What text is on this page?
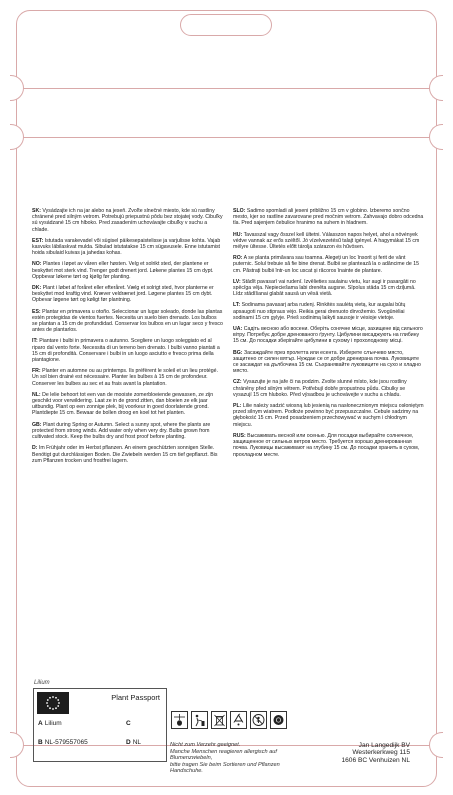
SK: Vysádzajte ich na jar alebo na jeseň. Zvoľte slnečné miesto, kde sú rastliny chránené pred silným vetrom. Potrebujú priepustnú pôdu bez stojatej vody. Cibuľky sú vysádzané 15 cm hlboko. Pred zasadením uchovávajte cibuľky v suchu a chlade.

EST: Istutada varakevadel või sügisel päikesepaistelisse ja varjulisse kohta. Vajab kasvuks läbilaskvat mulda. Sibulad istutatakse 15 cm sügavusele. Enne istutamist hoida sibulaid kuivas ja jahedas kohas.

NO: Plantes i løpet av våren eller høsten. Velg et solrikt sted, der plantene er beskyttet mot sterk vind. Trenger godt drenert jord. Løkene plantes 15 cm dypt. Oppbevar løkene tørt og kjølig før planting.

DK: Plant i løbet af foråret eller efteråret. Vælg et solrigt sted, hvor planterne er beskyttet mod kraftig vind. Kræver veldrænet jord. Løgene plantes 15 cm dybt. Opbevar løgene tørt og køligt før plantning.

ES: Plantar en primavera u otoño. Seleccionar un lugar soleado, donde las plantas estén protegidas de vientos fuertes. Necesita un suelo bien drenado. Los bulbos se plantan a 15 cm de profundidad. Conservar los bulbos en un lugar seco y fresco antes de plantarlos.

IT: Piantare i bulbi in primavera o autunno. Scegliere un luogo soleggiato ed al riparo dal vento forte. Necessita di un terreno ben drenato. I bulbi vanno piantati a 15 cm di profondità. Conservare i bulbi in un luogo asciutto e fresco prima della piantagione.

FR: Planter en automne ou au printemps. Ils préfèrent le soleil et un lieu protégé. Un sol bien drainé est nécessaire. Planter les bulbes à 15 cm de profondeur. Conserver les bulbes au sec et au frais avant la plantation.

NL: De lelie behoort tot een van de mooiste zomerbloeiende gewassen, ze zijn geschikt voor verwildering. Laat ze in de grond zitten, dan bloeien ze elk jaar uitbundig. Plant op een zonnige plek, bij voorkeur in goed doorlatende grond. Plantdiepte 15 cm. Bewaar de bollen droog en koel tot het planten.

GB: Plant during Spring or Autumn. Select a sunny spot, where the plants are protected from strong winds. Add water only when very dry. Bulbs grown from cultivated stock. Keep the bulbs dry and frost proof before planting.

D: Im Frühjahr oder im Herbst pflanzen. An einem geschützten sonnigen Stelle. Benötigt gut durchlässigen Boden. Die Zwiebeln werden 15 cm tief gepflanzt. Bis zum Pflanzen trocken und frostfrei lagern.

SLO: Sadimo spomladi ali jeseni približno 15 cm v globino. Izberemo sončno mesto, kjer so rastline zavarovane pred močnim vetrom. Zahvavajo dobro odcedna tla. Pred sajenjem čebulice hranimo na suhem in hladnem.

HU: Tavasszal vagy ősszel kell ültetni. Válasszon napos helyet, ahol a növények védve vannak az erős széltől. Jó vízelvezetésű talajt igényel. A hagymákat 15 cm mélyre ültesse. Ültetés előtt tárolja szárazon és hűvösen.

RO: A se planta primăvara sau toamna. Alegeți un loc însorit și ferit de vânt puternic. Solul trebuie să fie bine drenat. Bulbii se plantează la o adâncime de 15 cm. Păstrați bulbii într-un loc uscat și răcoros înainte de plantare.

LV: Stādīt pavasarī vai rudenī. Izvēlieties saulainu vietu, kur augi ir pasargāti no spēcīga vēja. Nepieciešama labi drenēta augsne. Sīpolus stāda 15 cm dziļumā. Līdz stādīšanai glabāt sausā un vēsā vietā.

LT: Sodinama pavasarį arba rudenį. Rinkitės saulėtą vietą, kur augalai būtų apsaugoti nuo stipraus vėjo. Reikia gerai drenuoto dirvožemio. Svogūnėliai sodinami 15 cm gylyje. Prieš sodinimą laikyti sausoje ir vėsioje vietoje.

UA: Садіть весною або восени. Оберіть сонячне місце, захищене від сильного вітру. Потребує добре дренованого ґрунту. Цибулини висаджують на глибину 15 см. До посадки зберігайте цибулини в сухому і прохолодному місці.

BG: Засаждайте през пролетта или есента. Изберете слънчево място, защитено от силен вятър. Нуждае се от добре дренирана почва. Луковиците се засаждат на дълбочина 15 см. Съхранявайте луковиците на сухо и хладно място.

CZ: Vysazujte je na jaře či na podzim. Zvolte slunné místo, kde jsou rostliny chráněny před silným větrem. Potřebují dobře propustnou půdu. Cibulky se vysazují 15 cm hluboko. Před výsadbou je uchovávejte v suchu a chladu.

PL: Lilie należy sadzić wiosną lub jesienią na nasłonecznionym miejscu osłoniętym przed silnym wiatrem. Podłoże powinno być przepuszczalne. Cebule sadzimy na głębokość 15 cm. Przed posadzeniem przechowywać w suchym i chłodnym miejscu.

RUS: Высаживать весной или осенью. Для посадки выбирайте солнечное, защищенное от сильных ветров место. Требуется хорошо дренированная почва. Луковицы высаживают на глубину 15 см. До посадки хранить в сухом, прохладном месте.

Lilium
Plant Passport
A Lilium	C
B NL-579557065	D NL	Nicht zum Verzehr geeignet.
Manche Menschen reagieren allergisch auf Blumenzwiebeln,
bitte tragen Sie beim Sortieren und Pflanzen Handschuhe.
Jan Langedijk BV
Westerkerkweg 115
1606 BC Venhuizen NL
